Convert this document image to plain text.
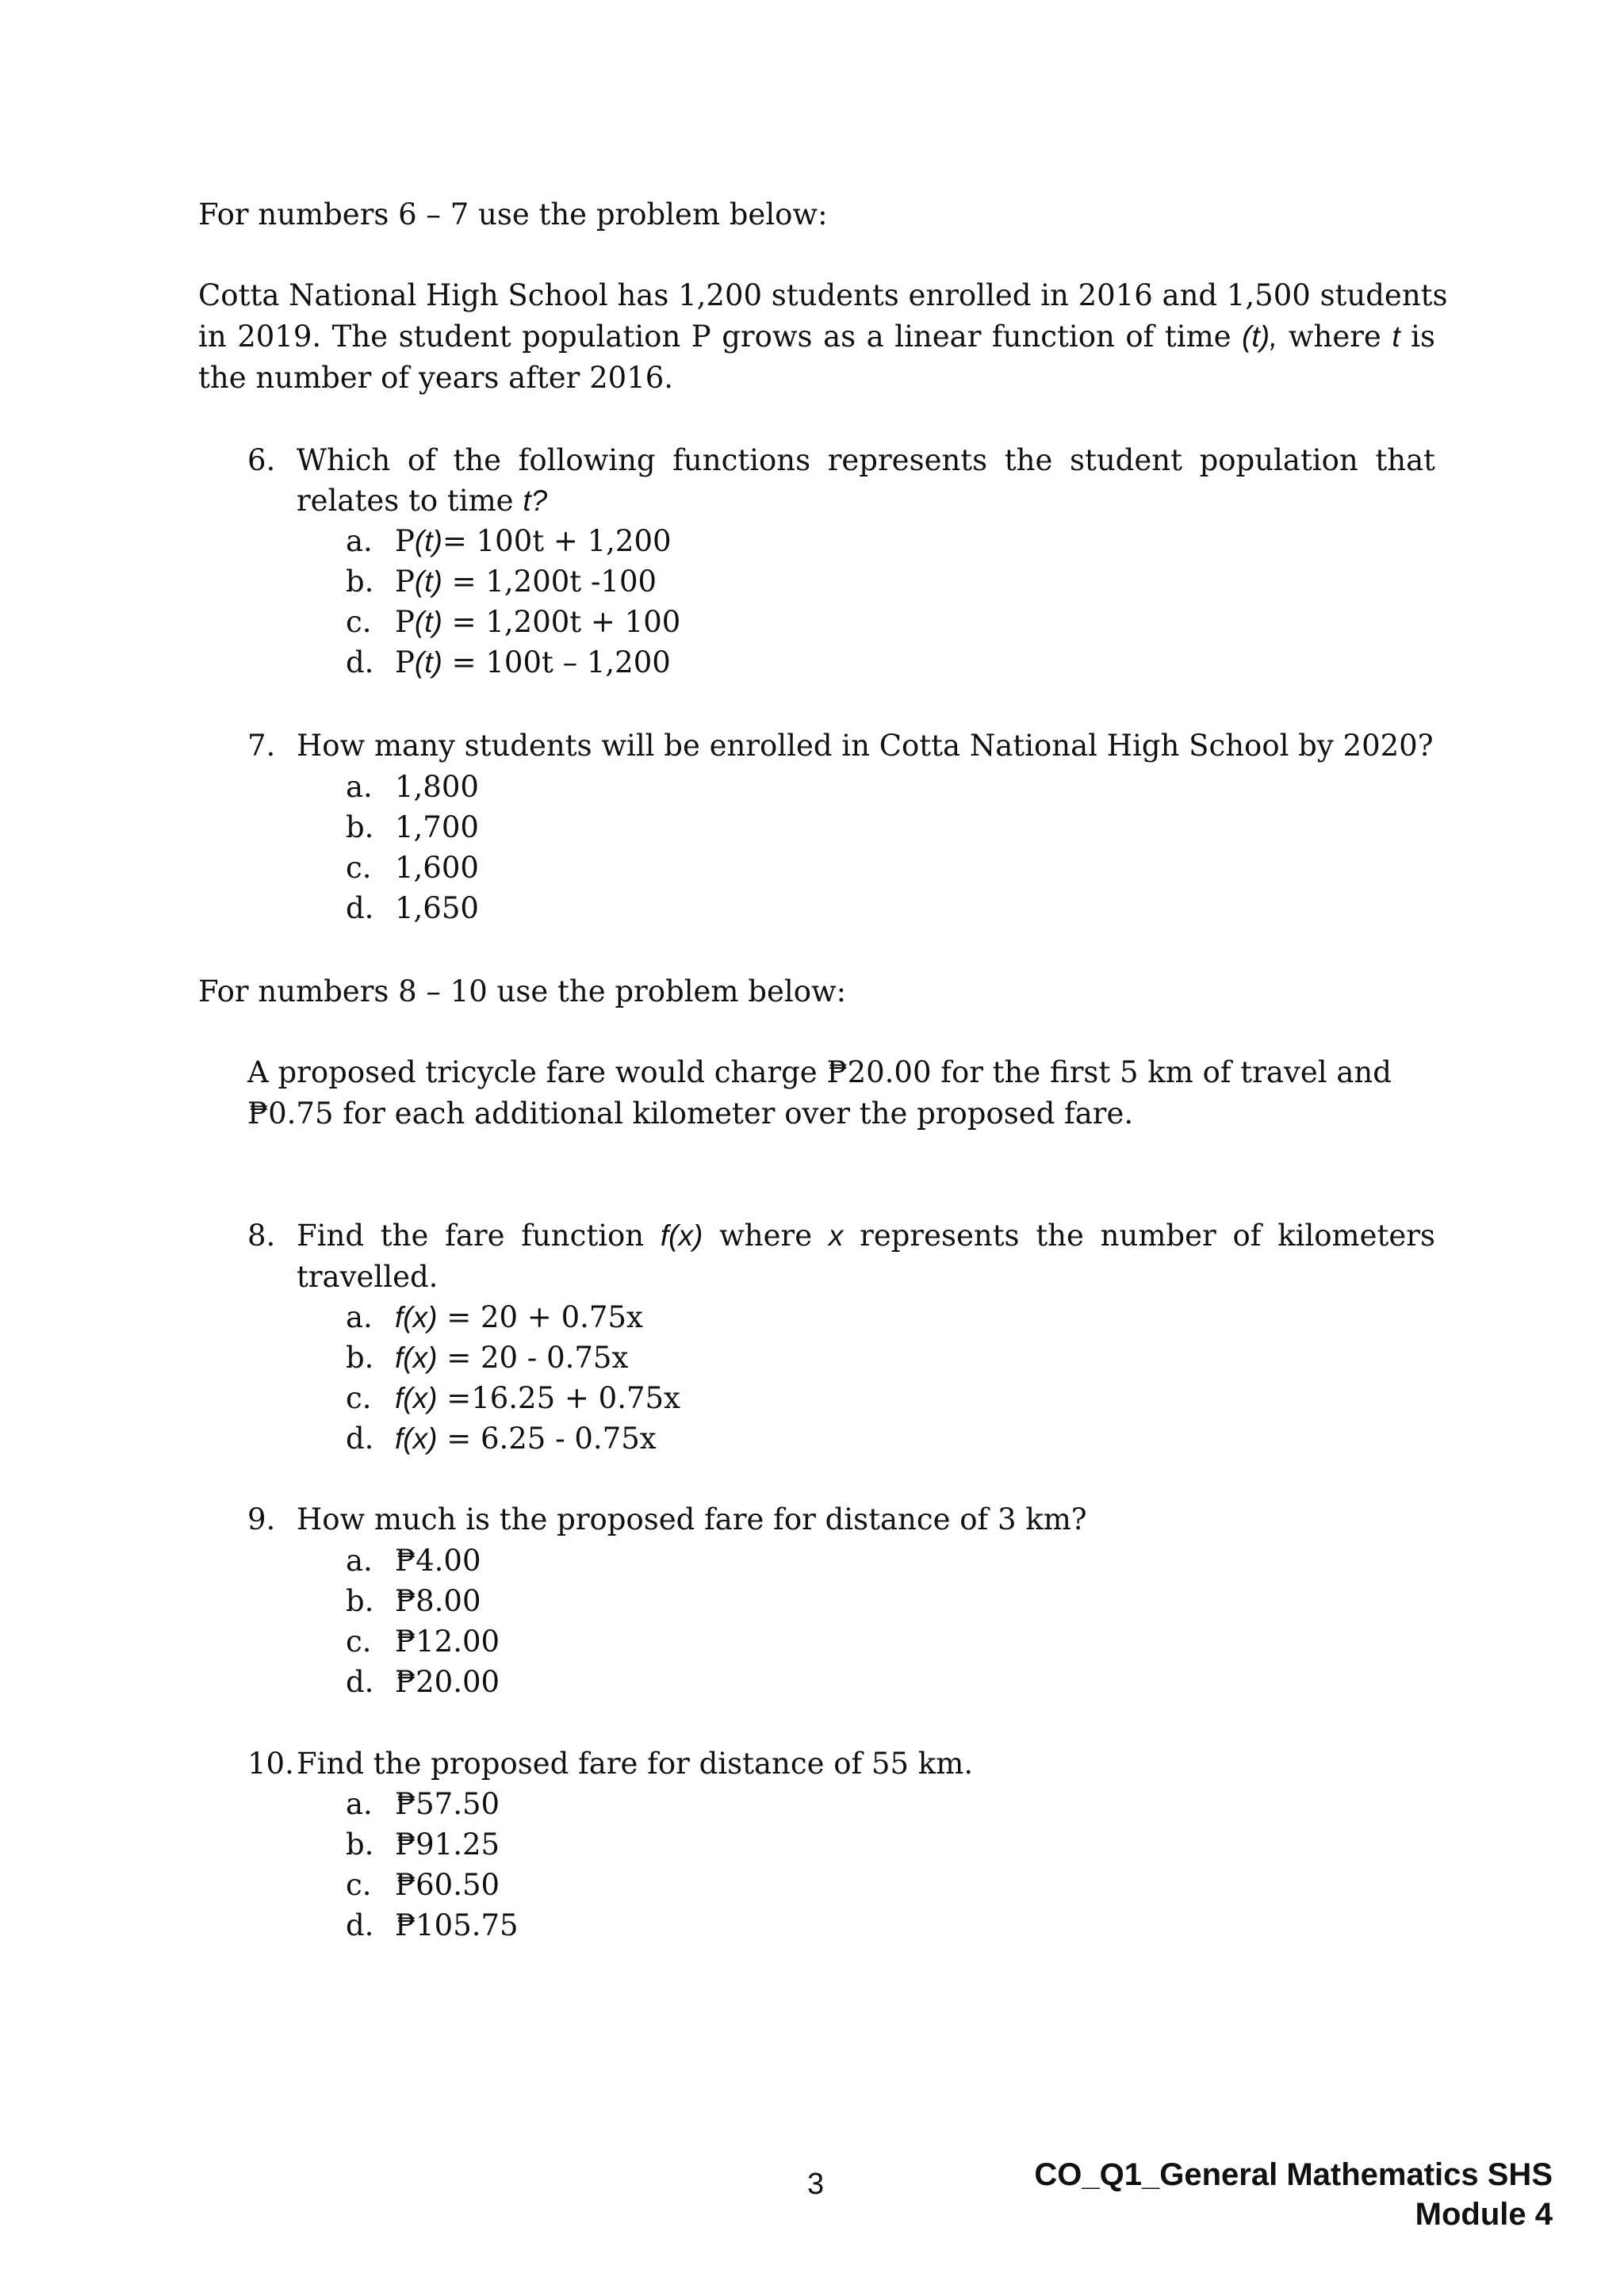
For numbers 6 – 7 use the problem below:
Cotta National High School has 1,200 students enrolled in 2016 and 1,500 students
in 2019. The student population P grows as a linear function of time (t), where t is
the number of years after 2016.
6. Which of the following functions represents the student population that
relates to time t?
a. P(t)= 100t + 1,200
b. P(t) = 1,200t -100
c. P(t) = 1,200t + 100
d. P(t) = 100t – 1,200
7. How many students will be enrolled in Cotta National High School by 2020?
a. 1,800
b. 1,700
c. 1,600
d. 1,650
For numbers 8 – 10 use the problem below:
A proposed tricycle fare would charge ₱20.00 for the first 5 km of travel and
₱0.75 for each additional kilometer over the proposed fare.
8. Find the fare function f(x) where x represents the number of kilometers
travelled.
a. f(x) = 20 + 0.75x
b. f(x) = 20 - 0.75x
c. f(x) =16.25 + 0.75x
d. f(x) = 6.25 - 0.75x
9. How much is the proposed fare for distance of 3 km?
a. ₱4.00
b. ₱8.00
c. ₱12.00
d. ₱20.00
10. Find the proposed fare for distance of 55 km.
a. ₱57.50
b. ₱91.25
c. ₱60.50
d. ₱105.75
3	CO_Q1_General Mathematics SHS
Module 4
